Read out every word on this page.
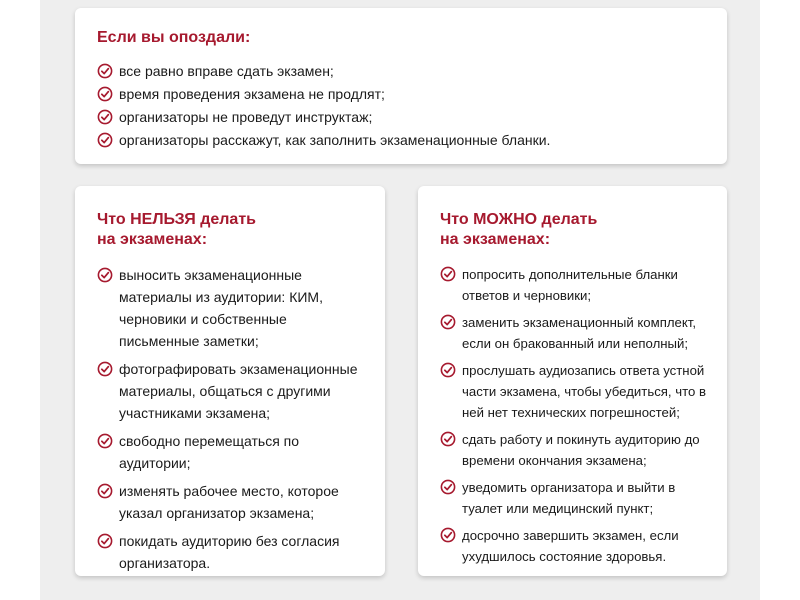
Если вы опоздали:
все равно вправе сдать экзамен;
время проведения экзамена не продлят;
организаторы не проведут инструктаж;
организаторы расскажут, как заполнить экзаменационные бланки.
Что НЕЛЬЗЯ делать
на экзаменах:
выносить экзаменационные материалы из аудитории: КИМ, черновики и собственные письменные заметки;
фотографировать экзаменационные материалы, общаться с другими участниками экзамена;
свободно перемещаться по аудитории;
изменять рабочее место, которое указал организатор экзамена;
покидать аудиторию без согласия организатора.
Что МОЖНО делать
на экзаменах:
попросить дополнительные бланки ответов и черновики;
заменить экзаменационный комплект, если он бракованный или неполный;
прослушать аудиозапись ответа устной части экзамена, чтобы убедиться, что в ней нет технических погрешностей;
сдать работу и покинуть аудиторию до времени окончания экзамена;
уведомить организатора и выйти в туалет или медицинский пункт;
досрочно завершить экзамен, если ухудшилось состояние здоровья.
